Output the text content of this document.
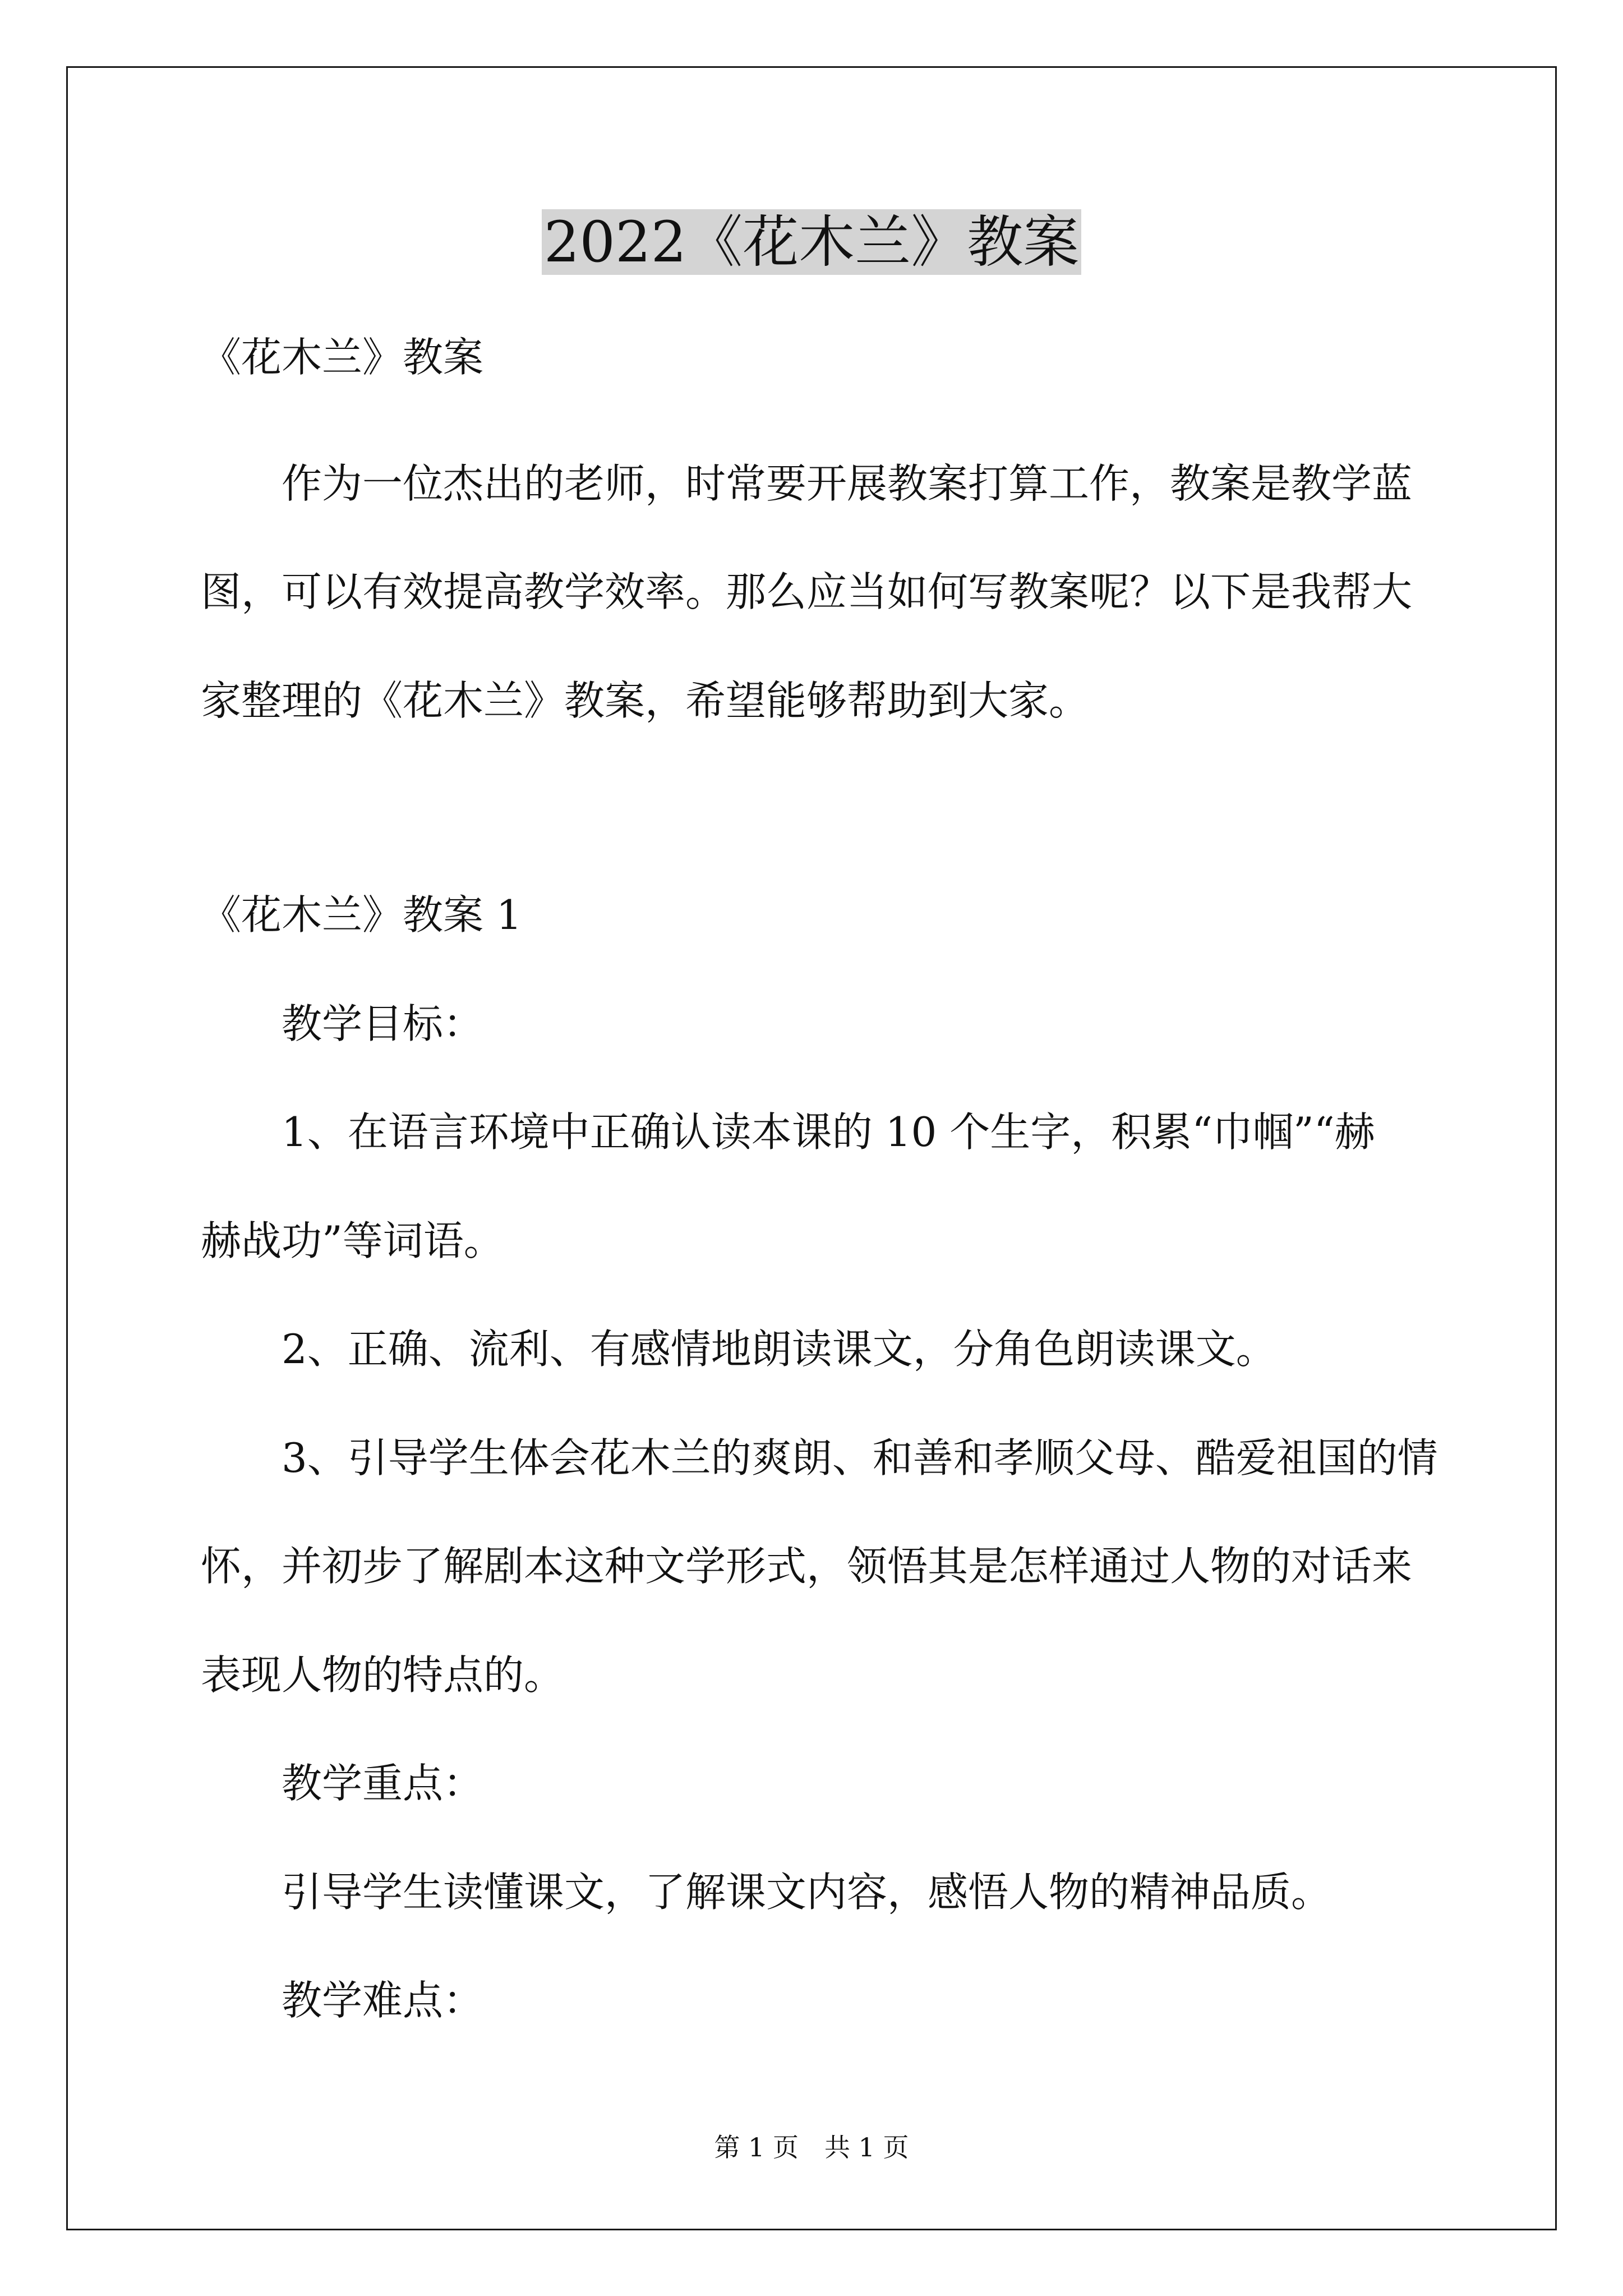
2022《花木兰》教案

《花木兰》教案

作为一位杰出的老师，时常要开展教案打算工作，教案是教学蓝

图，可以有效提高教学效率。那么应当如何写教案呢？以下是我帮大

家整理的《花木兰》教案，希望能够帮助到大家。

《花木兰》教案 1

教学目标：

1、在语言环境中正确认读本课的 10 个生字，积累“巾帼”“赫

赫战功”等词语。

2、正确、流利、有感情地朗读课文，分角色朗读课文。

3、引导学生体会花木兰的爽朗、和善和孝顺父母、酷爱祖国的情

怀，并初步了解剧本这种文学形式，领悟其是怎样通过人物的对话来

表现人物的特点的。

教学重点：

引导学生读懂课文，了解课文内容，感悟人物的精神品质。

教学难点：

第 1 页　共 1 页
